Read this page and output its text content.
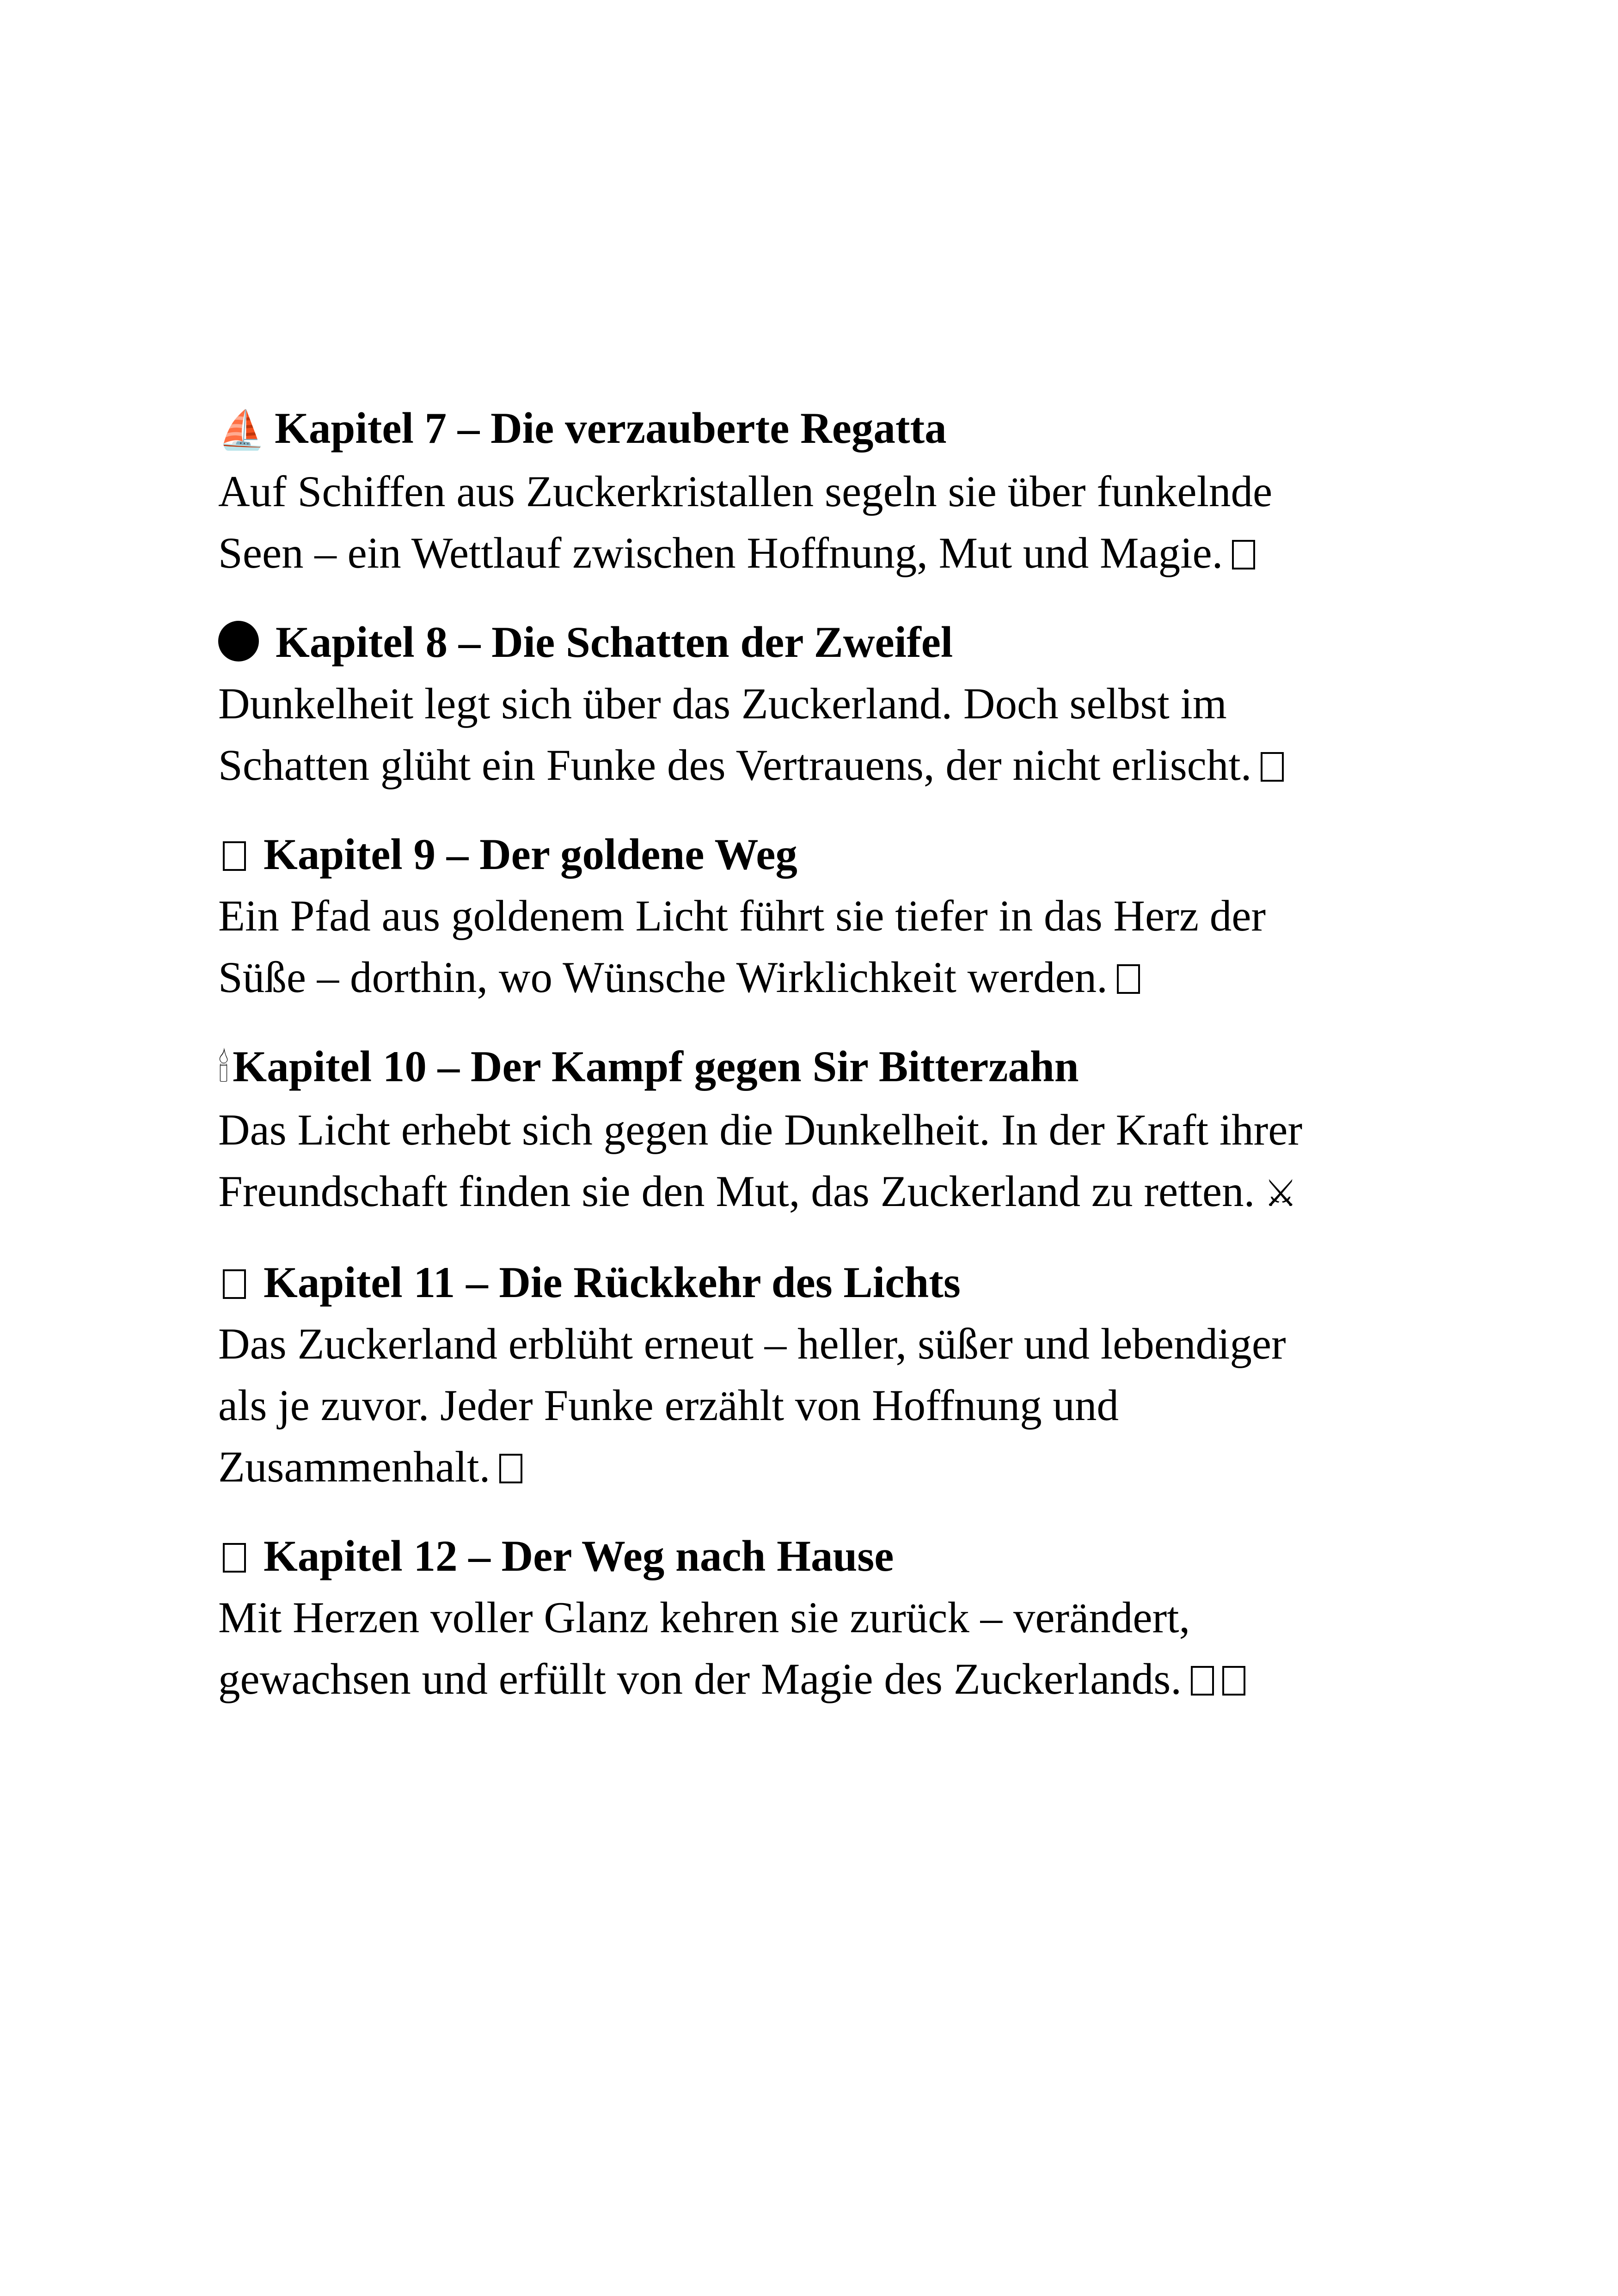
⛵ Kapitel 7 – Die verzauberte Regatta
Auf Schiffen aus Zuckerkristallen segeln sie über funkelnde
Seen – ein Wettlauf zwischen Hoffnung, Mut und Magie.
Kapitel 8 – Die Schatten der Zweifel
Dunkelheit legt sich über das Zuckerland. Doch selbst im
Schatten glüht ein Funke des Vertrauens, der nicht erlischt.
Kapitel 9 – Der goldene Weg
Ein Pfad aus goldenem Licht führt sie tiefer in das Herz der
Süße – dorthin, wo Wünsche Wirklichkeit werden.
🕯Kapitel 10 – Der Kampf gegen Sir Bitterzahn
Das Licht erhebt sich gegen die Dunkelheit. In der Kraft ihrer
Freundschaft finden sie den Mut, das Zuckerland zu retten. ⚔
Kapitel 11 – Die Rückkehr des Lichts
Das Zuckerland erblüht erneut – heller, süßer und lebendiger
als je zuvor. Jeder Funke erzählt von Hoffnung und
Zusammenhalt.
Kapitel 12 – Der Weg nach Hause
Mit Herzen voller Glanz kehren sie zurück – verändert,
gewachsen und erfüllt von der Magie des Zuckerlands.
